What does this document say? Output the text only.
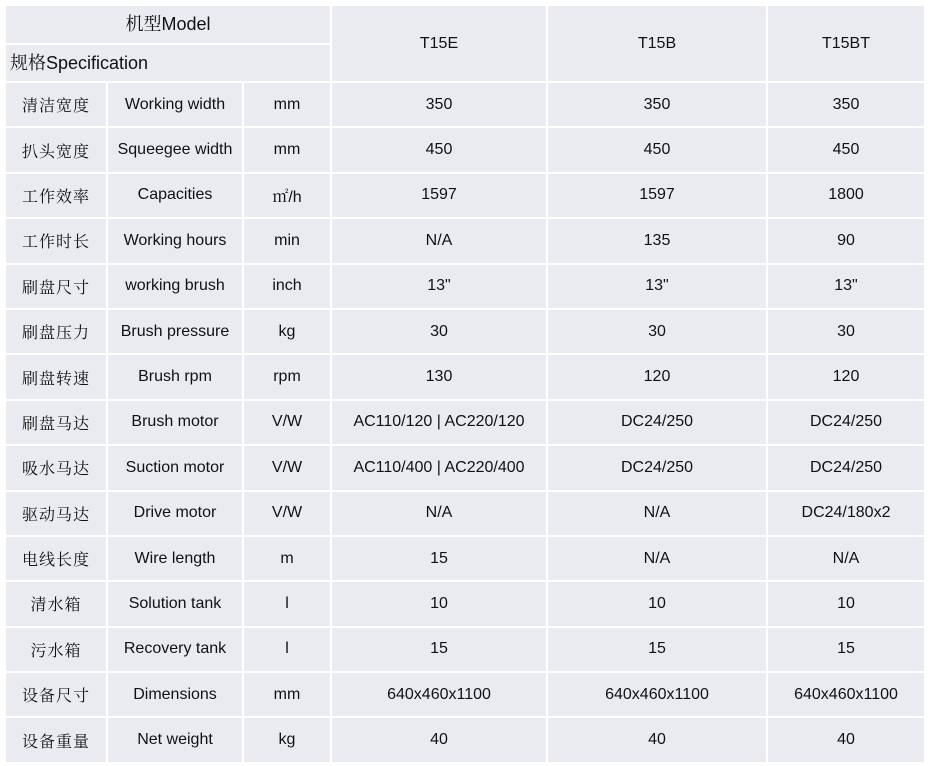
机型Model
规格Specification			T15E	T15B	T15BT
清洁宽度	Working width	mm	350	350	350
扒头宽度	Squeegee width	mm	450	450	450
工作效率	Capacities	㎡/h	1597	1597	1800
工作时长	Working hours	min	N/A	135	90
刷盘尺寸	working brush	inch	13"	13"	13"
刷盘压力	Brush pressure	kg	30	30	30
刷盘转速	Brush rpm	rpm	130	120	120
刷盘马达	Brush motor	V/W	AC110/120 | AC220/120	DC24/250	DC24/250
吸水马达	Suction motor	V/W	AC110/400 | AC220/400	DC24/250	DC24/250
驱动马达	Drive motor	V/W	N/A	N/A	DC24/180x2
电线长度	Wire length	m	15	N/A	N/A
清水箱	Solution tank	l	10	10	10
污水箱	Recovery tank	l	15	15	15
设备尺寸	Dimensions	mm	640x460x1100	640x460x1100	640x460x1100
设备重量	Net weight	kg	40	40	40
